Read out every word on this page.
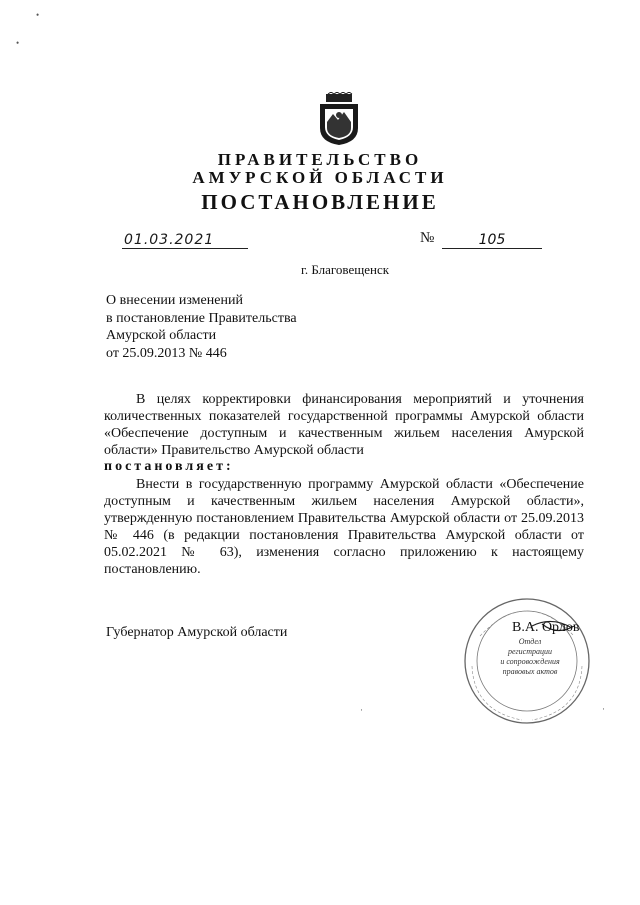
•
•
ПРАВИТЕЛЬСТВО
АМУРСКОЙ ОБЛАСТИ
ПОСТАНОВЛЕНИЕ
01.03.2021	№	105
г. Благовещенск
О внесении изменений
в постановление Правительства
Амурской области
от 25.09.2013 № 446
В целях корректировки финансирования мероприятий и уточнения количественных показателей государственной программы Амурской области «Обеспечение доступным и качественным жильем населения Амурской области» Правительство Амурской области
постановляет:
Внести в государственную программу Амурской области «Обеспечение доступным и качественным жильем населения Амурской области», утвержденную постановлением Правительства Амурской области от 25.09.2013 № 446 (в редакции постановления Правительства Амурской области от 05.02.2021 № 63), изменения согласно приложению к настоящему постановлению.
Губернатор Амурской области	В.А. Орлов
Отдел
регистрации
и сопровождения
правовых актов
·	·
